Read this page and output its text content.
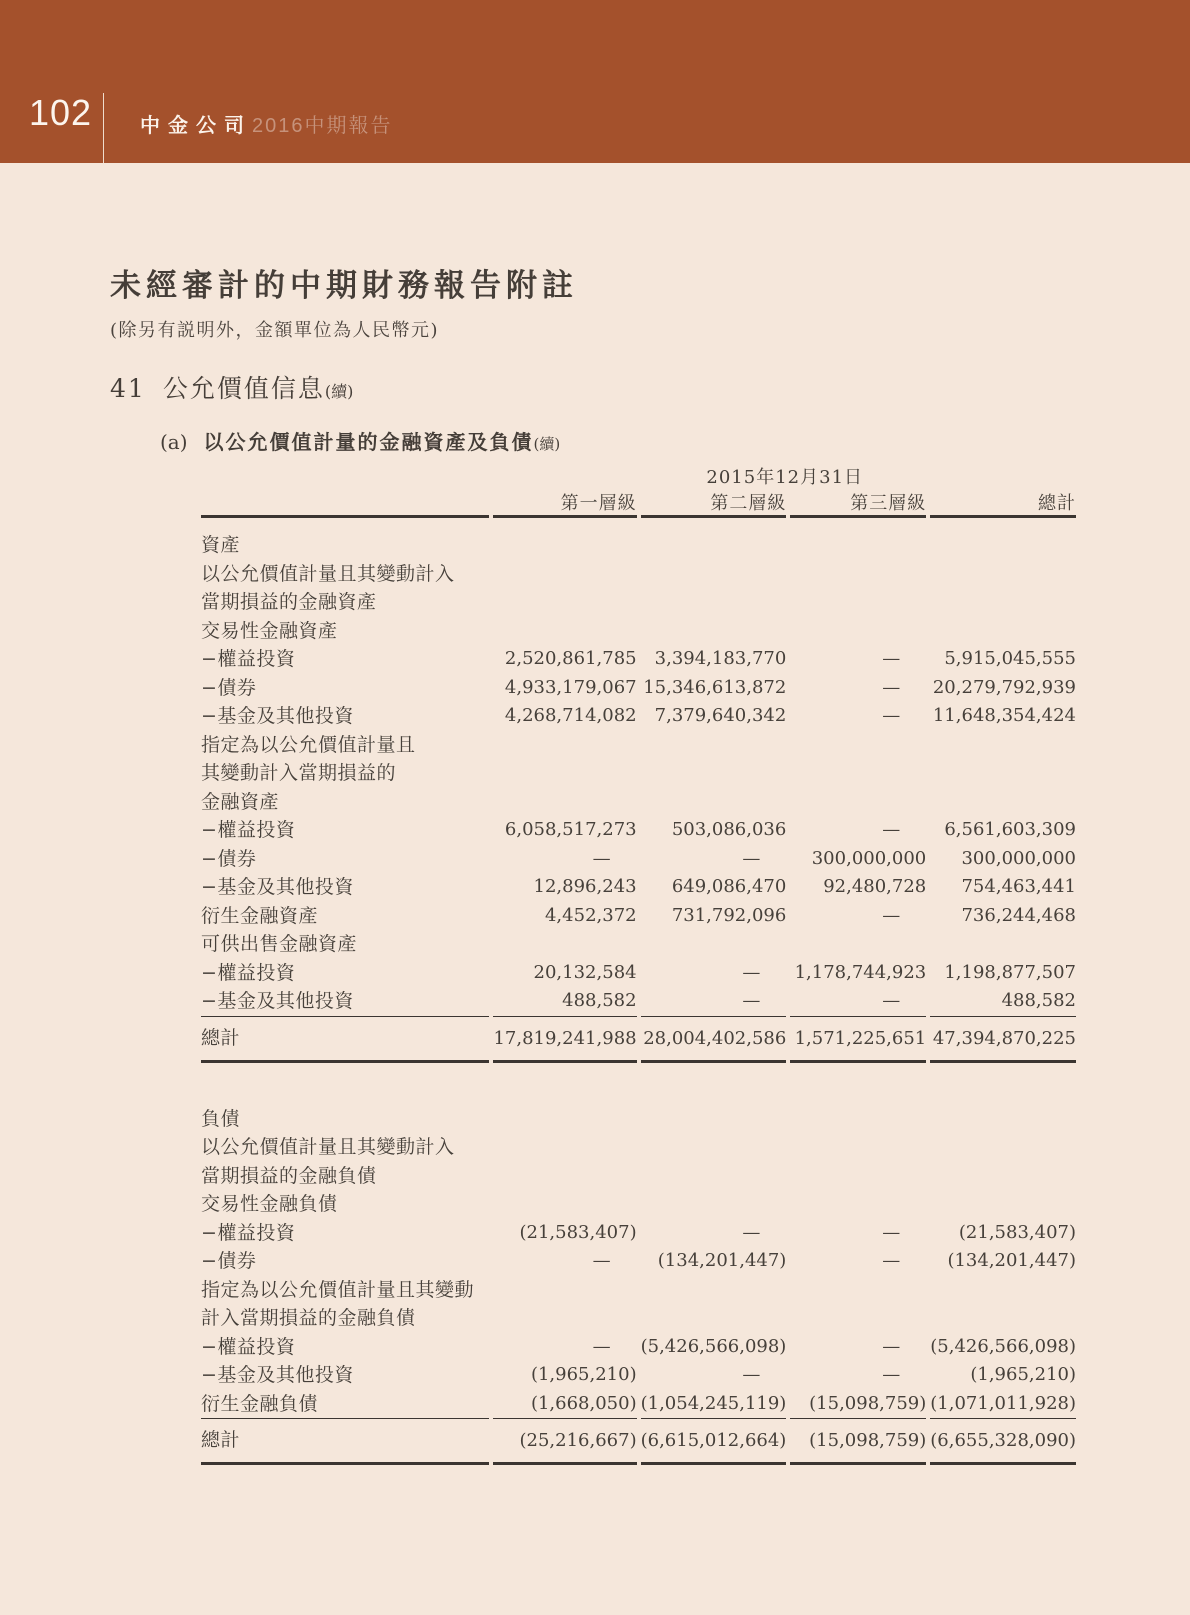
102 中金公司 2016中期報告
未經審計的中期財務報告附註

(除另有説明外，金額單位為人民幣元)

41 公允價值信息(續)
(a) 以公允價值計量的金融資產及負債(續)
	2015年12月31日			
	第一層級	第二層級	第三層級	總計

資產				
以公允價值計量且其變動計入				
當期損益的金融資產				
交易性金融資產				
−權益投資	2,520,861,785	3,394,183,770	—	5,915,045,555
−債券	4,933,179,067	15,346,613,872	—	20,279,792,939
−基金及其他投資	4,268,714,082	7,379,640,342	—	11,648,354,424
指定為以公允價值計量且				
其變動計入當期損益的				
金融資產				
−權益投資	6,058,517,273	503,086,036	—	6,561,603,309
−債券	—	—	300,000,000	300,000,000
−基金及其他投資	12,896,243	649,086,470	92,480,728	754,463,441
衍生金融資產	4,452,372	731,792,096	—	736,244,468
可供出售金融資產				
−權益投資	20,132,584	—	1,178,744,923	1,198,877,507
−基金及其他投資	488,582	—	—	488,582
總計	17,819,241,988	28,004,402,586	1,571,225,651	47,394,870,225

負債				
以公允價值計量且其變動計入				
當期損益的金融負債				
交易性金融負債				
−權益投資	(21,583,407)	—	—	(21,583,407)
−債券	—	(134,201,447)	—	(134,201,447)
指定為以公允價值計量且其變動				
計入當期損益的金融負債				
−權益投資	—	(5,426,566,098)	—	(5,426,566,098)
−基金及其他投資	(1,965,210)	—	—	(1,965,210)
衍生金融負債	(1,668,050)	(1,054,245,119)	(15,098,759)	(1,071,011,928)
總計	(25,216,667)	(6,615,012,664)	(15,098,759)	(6,655,328,090)
